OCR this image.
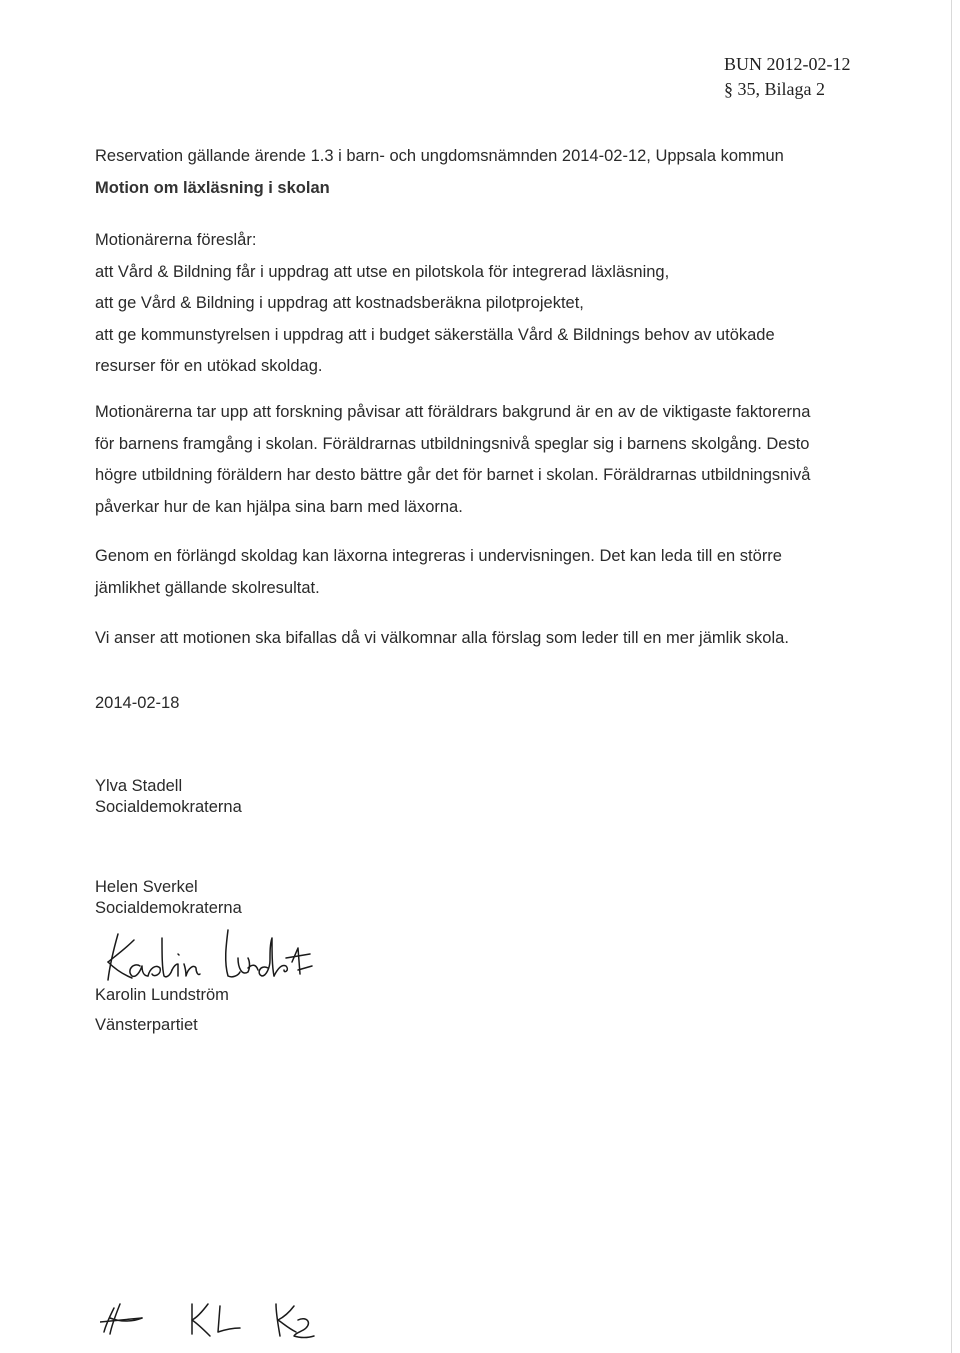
BUN 2012-02-12
§ 35, Bilaga 2
Reservation gällande ärende 1.3 i barn- och ungdomsnämnden 2014-02-12, Uppsala kommun
Motion om läxläsning i skolan
Motionärerna föreslår:
att Vård & Bildning får i uppdrag att utse en pilotskola för integrerad läxläsning,
att ge Vård & Bildning i uppdrag att kostnadsberäkna pilotprojektet,
att ge kommunstyrelsen i uppdrag att i budget säkerställa Vård & Bildnings behov av utökade
resurser för en utökad skoldag.
Motionärerna tar upp att forskning påvisar att föräldrars bakgrund är en av de viktigaste faktorerna
för barnens framgång i skolan. Föräldrarnas utbildningsnivå speglar sig i barnens skolgång. Desto
högre utbildning föräldern har desto bättre går det för barnet i skolan. Föräldrarnas utbildningsnivå
påverkar hur de kan hjälpa sina barn med läxorna.
Genom en förlängd skoldag kan läxorna integreras i undervisningen. Det kan leda till en större
jämlikhet gällande skolresultat.
Vi anser att motionen ska bifallas då vi välkomnar alla förslag som leder till en mer jämlik skola.
2014-02-18
Ylva Stadell
Socialdemokraterna
Helen Sverkel
Socialdemokraterna
Karolin Lundström
Vänsterpartiet
